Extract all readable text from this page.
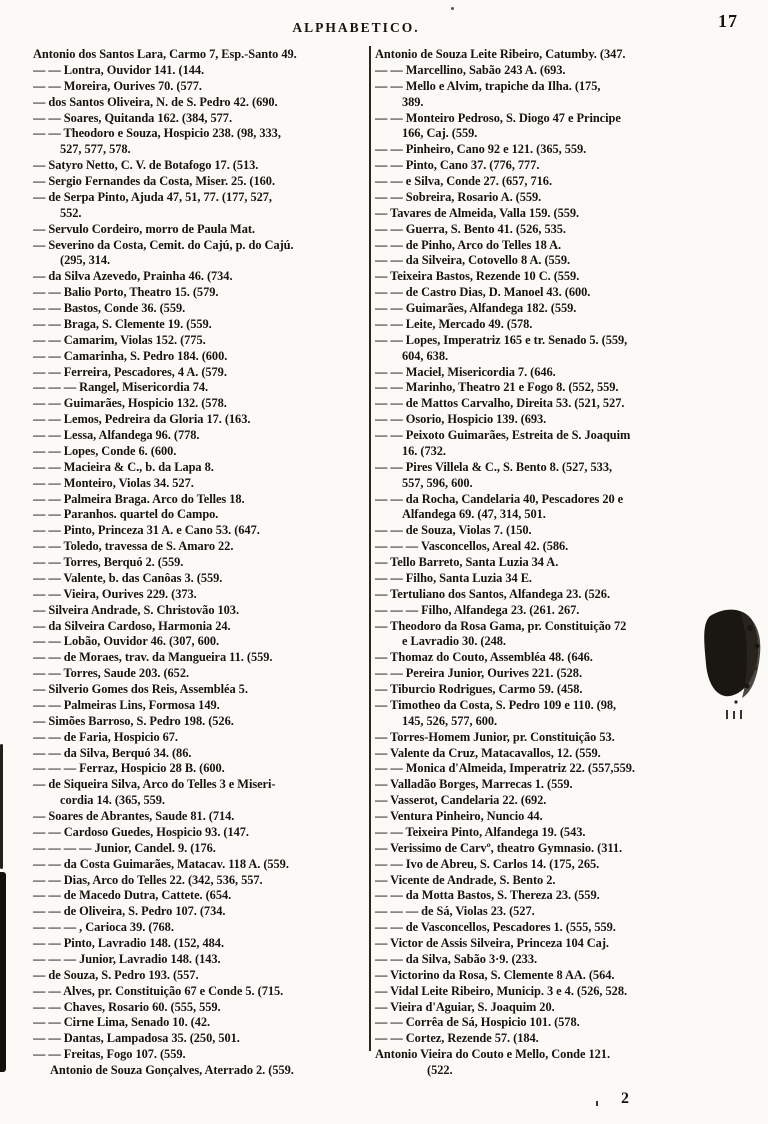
ALPHABETICO.	17
Antonio dos Santos Lara, Carmo 7, Esp.-Santo 49.
— — Lontra, Ouvidor 141. (144.
— — Moreira, Ourives 70. (577.
— dos Santos Oliveira, N. de S. Pedro 42. (690.
— — Soares, Quitanda 162. (384, 577.
— — Theodoro e Souza, Hospicio 238. (98, 333,
527, 577, 578.
— Satyro Netto, C. V. de Botafogo 17. (513.
— Sergio Fernandes da Costa, Miser. 25. (160.
— de Serpa Pinto, Ajuda 47, 51, 77. (177, 527,
552.
— Servulo Cordeiro, morro de Paula Mat.
— Severino da Costa, Cemit. do Cajú, p. do Cajú.
(295, 314.
— da Silva Azevedo, Prainha 46. (734.
— — Balio Porto, Theatro 15. (579.
— — Bastos, Conde 36. (559.
— — Braga, S. Clemente 19. (559.
— — Camarim, Violas 152. (775.
— — Camarinha, S. Pedro 184. (600.
— — Ferreira, Pescadores, 4 A. (579.
— — — Rangel, Misericordia 74.
— — Guimarães, Hospicio 132. (578.
— — Lemos, Pedreira da Gloria 17. (163.
— — Lessa, Alfandega 96. (778.
— — Lopes, Conde 6. (600.
— — Macieira & C., b. da Lapa 8.
— — Monteiro, Violas 34. 527.
— — Palmeira Braga. Arco do Telles 18.
— — Paranhos. quartel do Campo.
— — Pinto, Princeza 31 A. e Cano 53. (647.
— — Toledo, travessa de S. Amaro 22.
— — Torres, Berquó 2. (559.
— — Valente, b. das Canôas 3. (559.
— — Vieira, Ourives 229. (373.
— Silveira Andrade, S. Christovão 103.
— da Silveira Cardoso, Harmonia 24.
— — Lobão, Ouvidor 46. (307, 600.
— — de Moraes, trav. da Mangueira 11. (559.
— — Torres, Saude 203. (652.
— Silverio Gomes dos Reis, Assembléa 5.
— — Palmeiras Lins, Formosa 149.
— Simões Barroso, S. Pedro 198. (526.
— — de Faria, Hospicio 67.
— — da Silva, Berquó 34. (86.
— — — Ferraz, Hospicio 28 B. (600.
— de Siqueira Silva, Arco do Telles 3 e Miseri-
cordia 14. (365, 559.
— Soares de Abrantes, Saude 81. (714.
— — Cardoso Guedes, Hospicio 93. (147.
— — — — Junior, Candel. 9. (176.
— — da Costa Guimarães, Matacav. 118 A. (559.
— — Dias, Arco do Telles 22. (342, 536, 557.
— — de Macedo Dutra, Cattete. (654.
— — de Oliveira, S. Pedro 107. (734.
— — — , Carioca 39. (768.
— — Pinto, Lavradio 148. (152, 484.
— — — Junior, Lavradio 148. (143.
— de Souza, S. Pedro 193. (557.
— — Alves, pr. Constituição 67 e Conde 5. (715.
— — Chaves, Rosario 60. (555, 559.
— — Cirne Lima, Senado 10. (42.
— — Dantas, Lampadosa 35. (250, 501.
— — Freitas, Fogo 107. (559.
Antonio de Souza Gonçalves, Aterrado 2. (559.
Antonio de Souza Leite Ribeiro, Catumby. (347.
— — Marcellino, Sabão 243 A. (693.
— — Mello e Alvim, trapiche da Ilha. (175,
389.
— — Monteiro Pedroso, S. Diogo 47 e Principe
166, Caj. (559.
— — Pinheiro, Cano 92 e 121. (365, 559.
— — Pinto, Cano 37. (776, 777.
— — e Silva, Conde 27. (657, 716.
— — Sobreira, Rosario A. (559.
— Tavares de Almeida, Valla 159. (559.
— — Guerra, S. Bento 41. (526, 535.
— — de Pinho, Arco do Telles 18 A.
— — da Silveira, Cotovello 8 A. (559.
— Teixeira Bastos, Rezende 10 C. (559.
— — de Castro Dias, D. Manoel 43. (600.
— — Guimarães, Alfandega 182. (559.
— — Leite, Mercado 49. (578.
— — Lopes, Imperatriz 165 e tr. Senado 5. (559,
604, 638.
— — Maciel, Misericordia 7. (646.
— — Marinho, Theatro 21 e Fogo 8. (552, 559.
— — de Mattos Carvalho, Direita 53. (521, 527.
— — Osorio, Hospicio 139. (693.
— — Peixoto Guimarães, Estreita de S. Joaquim
16. (732.
— — Pires Villela & C., S. Bento 8. (527, 533,
557, 596, 600.
— — da Rocha, Candelaria 40, Pescadores 20 e
Alfandega 69. (47, 314, 501.
— — de Souza, Violas 7. (150.
— — — Vasconcellos, Areal 42. (586.
— Tello Barreto, Santa Luzia 34 A.
— — Filho, Santa Luzia 34 E.
— Tertuliano dos Santos, Alfandega 23. (526.
— — — Filho, Alfandega 23. (261. 267.
— Theodoro da Rosa Gama, pr. Constituição 72
e Lavradio 30. (248.
— Thomaz do Couto, Assembléa 48. (646.
— — Pereira Junior, Ourives 221. (528.
— Tiburcio Rodrigues, Carmo 59. (458.
— Timotheo da Costa, S. Pedro 109 e 110. (98,
145, 526, 577, 600.
— Torres-Homem Junior, pr. Constituição 53.
— Valente da Cruz, Matacavallos, 12. (559.
— — Monica d'Almeida, Imperatriz 22. (557,559.
— Valladão Borges, Marrecas 1. (559.
— Vasserot, Candelaria 22. (692.
— Ventura Pinheiro, Nuncio 44.
— — Teixeira Pinto, Alfandega 19. (543.
— Verissimo de Carvº, theatro Gymnasio. (311.
— — Ivo de Abreu, S. Carlos 14. (175, 265.
— Vicente de Andrade, S. Bento 2.
— — da Motta Bastos, S. Thereza 23. (559.
— — — de Sá, Violas 23. (527.
— — de Vasconcellos, Pescadores 1. (555, 559.
— Victor de Assis Silveira, Princeza 104 Caj.
— — da Silva, Sabão 3·9. (233.
— Victorino da Rosa, S. Clemente 8 AA. (564.
— Vidal Leite Ribeiro, Municip. 3 e 4. (526, 528.
— Vieira d'Aguiar, S. Joaquim 20.
— — Corrêa de Sá, Hospicio 101. (578.
— — Cortez, Rezende 57. (184.
Antonio Vieira do Couto e Mello, Conde 121.
(522.
2
